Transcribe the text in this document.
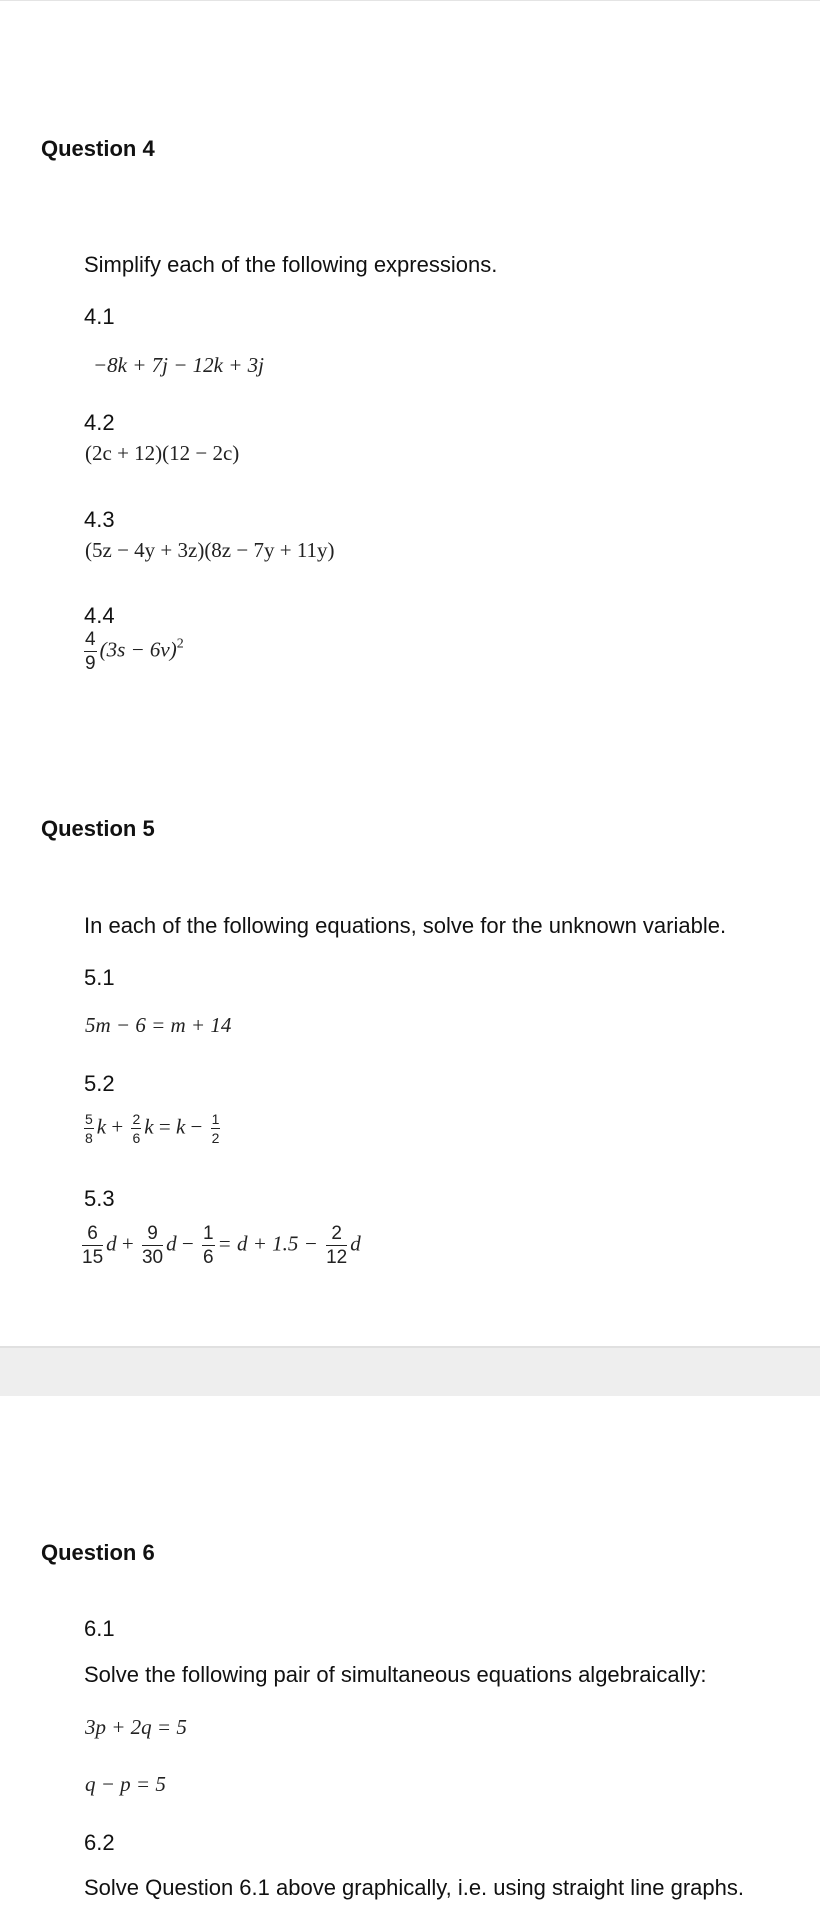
Question 4
Simplify each of the following expressions.
4.1
−8k + 7j − 12k + 3j
4.2
(2c + 12)(12 − 2c)
4.3
(5z − 4y + 3z)(8z − 7y + 11y)
4.4
$\frac{4}{9} (3s - 6v)^2$
Question 5
In each of the following equations, solve for the unknown variable.
5.1
5m − 6 = m + 14
5.2
$\frac{5}{8}$ $k + \frac{2}{6}$ $k = k - \frac{1}{2}$
5.3
$\frac{6}{15}$ $d + \frac{9}{30}$ $d - \frac{1}{6} = d + 1.5 - \frac{2}{12}$ d
Question 6
6.1
Solve the following pair of simultaneous equations algebraically:
3p + 2q = 5
q − p = 5
6.2
Solve Question 6.1 above graphically, i.e. using straight line graphs.
